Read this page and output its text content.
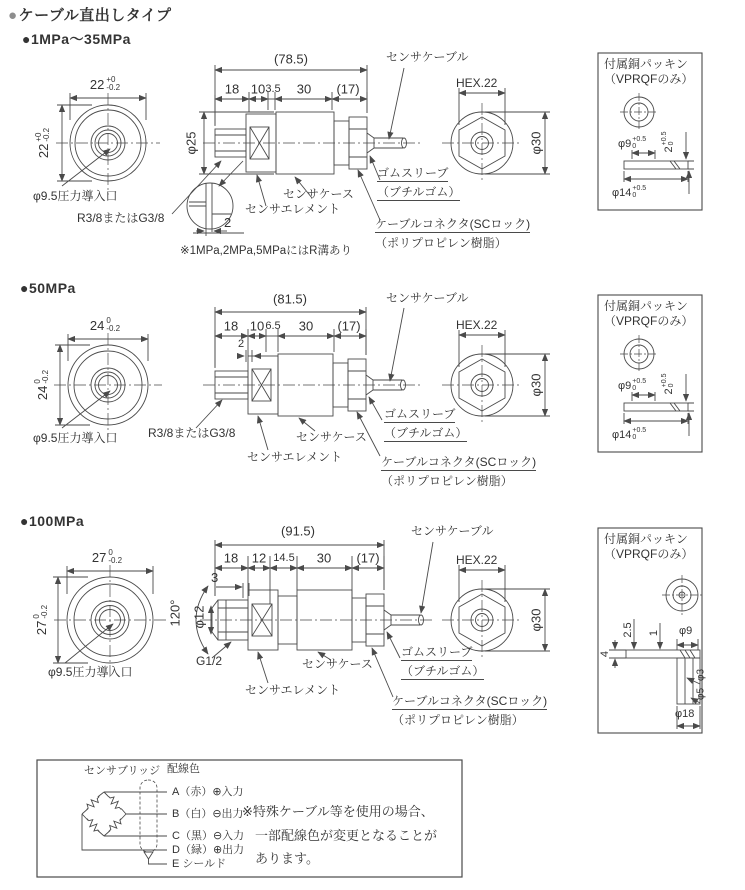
●ケーブル直出しタイプ
●1MPa〜35MPa
22 +0
-0.2
22
+0 -0.2
φ9.5圧力導入口
R3/8またはG3/8
φ25
(78.5)
18 10 3.5 30 (17)
2
※1MPa,2MPa,5MPaにはR溝あり
センサケーブル
ゴムスリーブ
（ブチルゴム）
センサケース
センサエレメント
ケーブルコネクタ(SCロック)
（ポリプロピレン樹脂）
HEX.22
φ30
付属銅パッキン
（VPRQFのみ）
φ9 +0.5
0	2
+0.5 0
φ14 +0.5
0
●50MPa
24 0
-0.2
24
0 -0.2
φ9.5圧力導入口	R3/8またはG3/8
(81.5)
18 10 6.5 30 (17)
2
センサケーブル
ゴムスリーブ
（ブチルゴム）
センサケース
センサエレメント	ケーブルコネクタ(SCロック)
（ポリプロピレン樹脂）
HEX.22
φ30
付属銅パッキン
（VPRQFのみ）
φ9 +0.5
0	2
+0.5 0
φ14 +0.5
0
●100MPa
27 0
-0.2
27
0 -0.2
φ9.5圧力導入口
(91.5)
18 12 14.5 30 (17)
3
120° φ12
G1/2
センサケーブル
ゴムスリーブ
（ブチルゴム）
センサケース
センサエレメント
ケーブルコネクタ(SCロック)
（ポリプロピレン樹脂）
HEX.22
φ30
付属銅パッキン
（VPRQFのみ）
4
2.5 1 φ9
φ3
φ5
φ18
センサブリッジ 配線色
A（赤）⊕入力
B（白）⊖出力
C（黒）⊖入力
D（緑）⊕出力
E シールド
※特殊ケーブル等を使用の場合、
一部配線色が変更となることが
あります。
